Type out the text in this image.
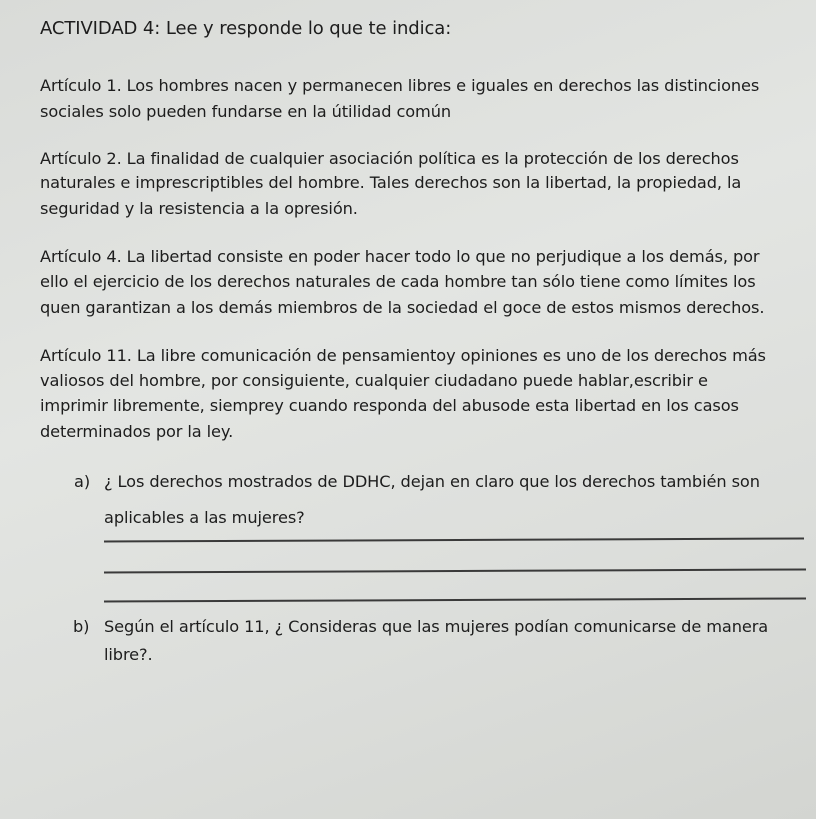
ACTIVIDAD 4: Lee y responde lo que te indica:
Artículo 1. Los hombres nacen y permanecen libres e iguales en derechos las distinciones
sociales solo pueden fundarse en la útilidad común
Artículo 2. La finalidad de cualquier asociación política es la protección de los derechos
naturales e imprescriptibles del hombre. Tales derechos son la libertad, la propiedad, la
seguridad y la resistencia a la opresión.
Artículo 4. La libertad consiste en poder hacer todo lo que no perjudique a los demás, por
ello el ejercicio de los derechos naturales de cada hombre tan sólo tiene como límites los
quen garantizan a los demás miembros de la sociedad el goce de estos mismos derechos.
Artículo 11. La libre comunicación de pensamientoy opiniones es uno de los derechos más
valiosos del hombre, por consiguiente, cualquier ciudadano puede hablar,escribir e
imprimir libremente, siemprey cuando responda del abusode esta libertad en los casos
determinados por la ley.
a) ¿ Los derechos mostrados de DDHC, dejan en claro que los derechos también son
aplicables a las mujeres?
b) Según el artículo 11, ¿ Consideras que las mujeres podían comunicarse de manera
libre?.
